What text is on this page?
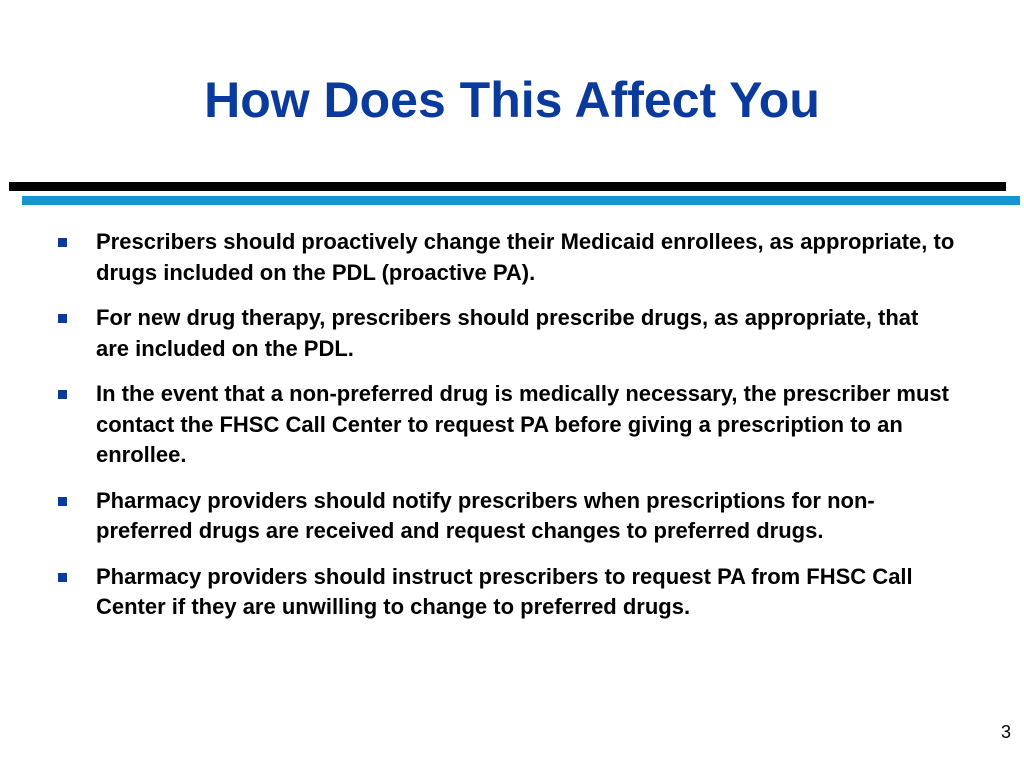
How Does This Affect You
Prescribers should proactively change their Medicaid enrollees, as appropriate, to drugs included on the PDL (proactive PA).
For new drug therapy, prescribers should prescribe drugs, as appropriate, that are included on the PDL.
In the event that a non-preferred drug is medically necessary, the prescriber must contact the FHSC Call Center to request PA before giving a prescription to an enrollee.
Pharmacy providers should notify prescribers when prescriptions for non-preferred drugs are received and request changes to preferred drugs.
Pharmacy providers should instruct prescribers to request PA from FHSC Call Center if they are unwilling to change to preferred drugs.
3
